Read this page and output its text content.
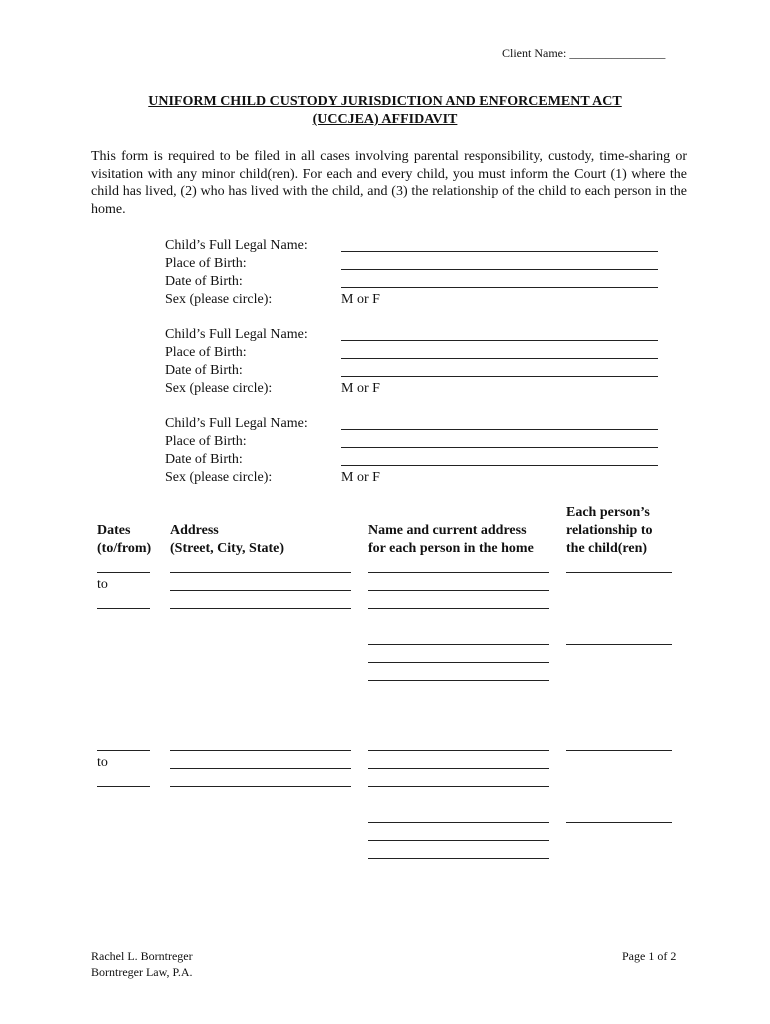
Client Name: ________________
UNIFORM CHILD CUSTODY JURISDICTION AND ENFORCEMENT ACT
(UCCJEA) AFFIDAVIT
This form is required to be filed in all cases involving parental responsibility, custody, time-sharing or visitation with any minor child(ren). For each and every child, you must inform the Court (1) where the child has lived, (2) who has lived with the child, and (3) the relationship of the child to each person in the home.
Child’s Full Legal Name:
Place of Birth:
Date of Birth:
Sex (please circle):	M or F
Child’s Full Legal Name:
Place of Birth:
Date of Birth:
Sex (please circle):	M or F
Child’s Full Legal Name:
Place of Birth:
Date of Birth:
Sex (please circle):	M or F
Dates
(to/from)
Address
(Street, City, State)
Name and current address
for each person in the home
Each person’s
relationship to
the child(ren)
to
to
Rachel L. Borntreger
Borntreger Law, P.A.
Page 1 of 2
